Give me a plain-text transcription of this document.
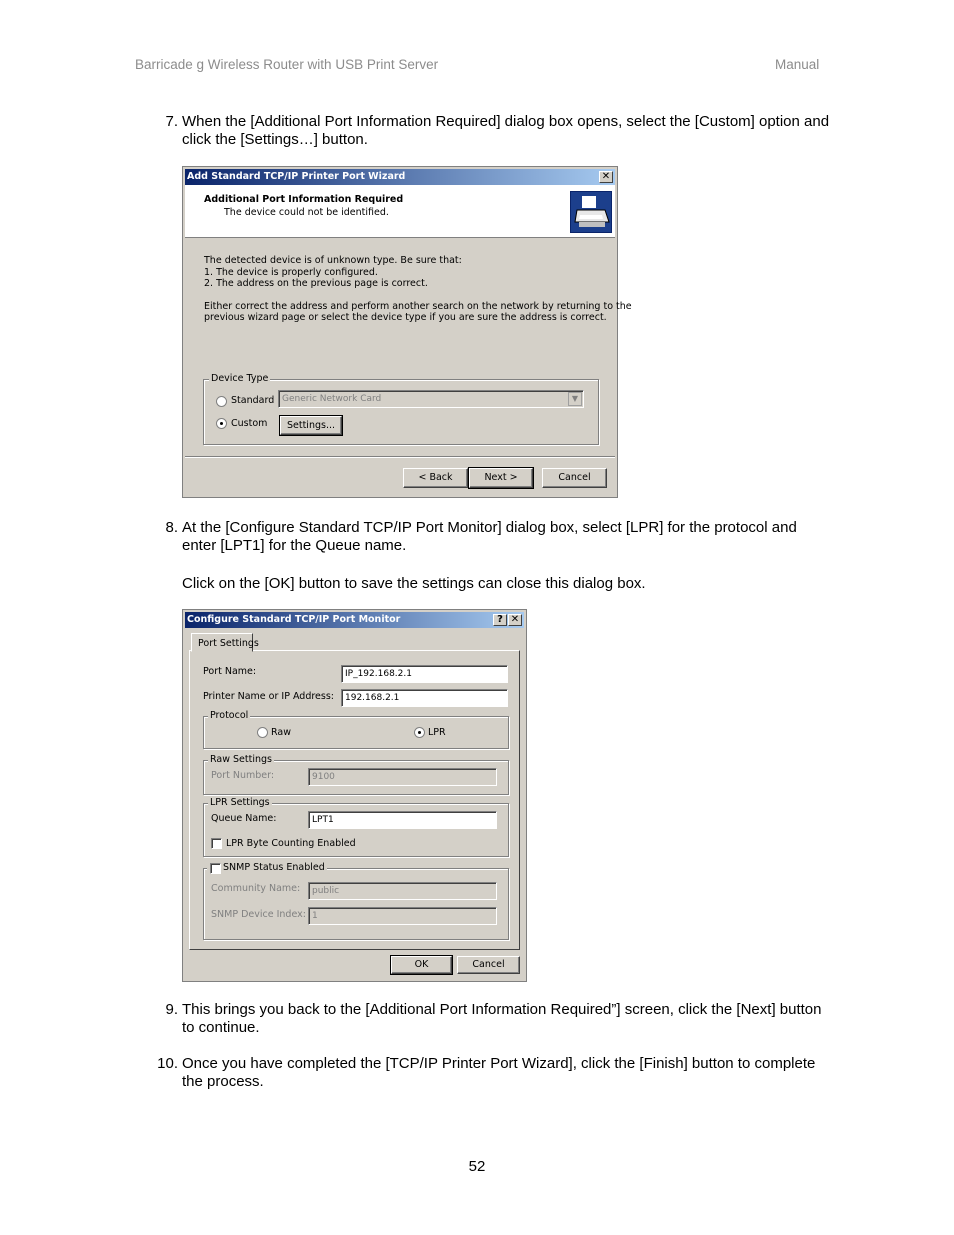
Barricade g Wireless Router with USB Print Server	Manual
7. When the [Additional Port Information Required] dialog box opens, select the [Custom] option and click the [Settings…] button.
Add Standard TCP/IP Printer Port Wizard	✕
Additional Port Information Required
The device could not be identified.
The detected device is of unknown type. Be sure that:
1. The device is properly configured.
2. The address on the previous page is correct.
Either correct the address and perform another search on the network by returning to the
previous wizard page or select the device type if you are sure the address is correct.
Device Type
Standard Generic Network Card	▼
Custom	Settings...
< Back	Next >	Cancel
8. At the [Configure Standard TCP/IP Port Monitor] dialog box, select [LPR] for the protocol and enter [LPT1] for the Queue name.
Click on the [OK] button to save the settings can close this dialog box.
Configure Standard TCP/IP Port Monitor	? ✕
Port Settings
Port Name:	IP_192.168.2.1
Printer Name or IP Address:	192.168.2.1
Protocol
Raw	LPR
Raw Settings
Port Number:	9100
LPR Settings
Queue Name:	LPT1
LPR Byte Counting Enabled
SNMP Status Enabled
Community Name:	public
SNMP Device Index: 1
OK	Cancel
9. This brings you back to the [Additional Port Information Required”] screen, click the [Next] button to continue.
10. Once you have completed the [TCP/IP Printer Port Wizard], click the [Finish] button to complete the process.
52
